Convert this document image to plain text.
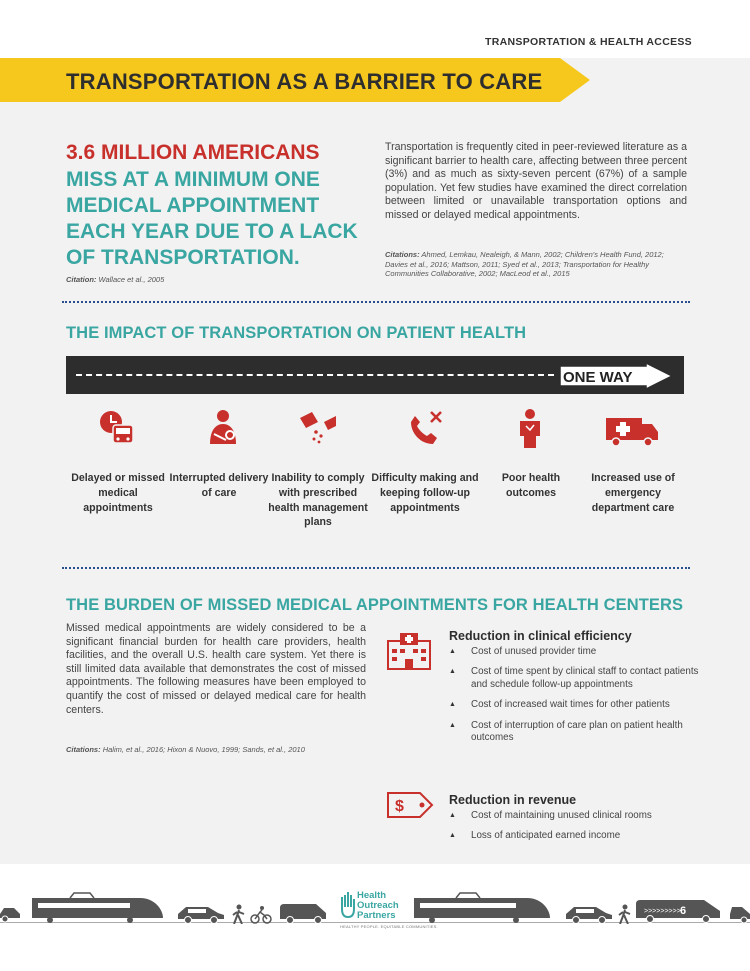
TRANSPORTATION & HEALTH ACCESS
TRANSPORTATION AS A BARRIER TO CARE
3.6 MILLION AMERICANS
MISS AT A MINIMUM ONE MEDICAL APPOINTMENT EACH YEAR DUE TO A LACK OF TRANSPORTATION.
Citation: Wallace et al., 2005
Transportation is frequently cited in peer-reviewed literature as a significant barrier to health care, affecting between three percent (3%) and as much as sixty-seven percent (67%) of a sample population. Yet few studies have examined the direct correlation between limited or unavailable transportation options and missed or delayed medical appointments.
Citations: Ahmed, Lemkau, Nealeigh, & Mann, 2002; Children's Health Fund, 2012; Davies et al., 2016; Mattson, 2011; Syed et al., 2013; Transportation for Healthy Communities Collaborative, 2002; MacLeod et al., 2015
THE IMPACT OF TRANSPORTATION ON PATIENT HEALTH
ONE WAY
Delayed or missed medical appointments
Interrupted delivery of care
Inability to comply with prescribed health management plans
Difficulty making and keeping follow-up appointments
Poor health outcomes
Increased use of emergency department care
THE BURDEN OF MISSED MEDICAL APPOINTMENTS FOR HEALTH CENTERS
Missed medical appointments are widely considered to be a significant financial burden for health care providers, health facilities, and the overall U.S. health care system. Yet there is still limited data available that demonstrates the cost of missed appointments. The following measures have been employed to quantify the cost of missed or delayed medical care for health centers.
Citations: Halim, et al., 2016; Hixon & Nuovo, 1999; Sands, et al., 2010
Reduction in clinical efficiency
▲ Cost of unused provider time
▲ Cost of time spent by clinical staff to contact patients and schedule follow-up appointments
▲ Cost of increased wait times for other patients
▲ Cost of interruption of care plan on patient health outcomes
$	Reduction in revenue
▲ Cost of maintaining unused clinical rooms
▲ Loss of anticipated earned income
Health
Outreach
Partners
HEALTHY PEOPLE. EQUITABLE COMMUNITIES.
>>>>>>>>> 6
